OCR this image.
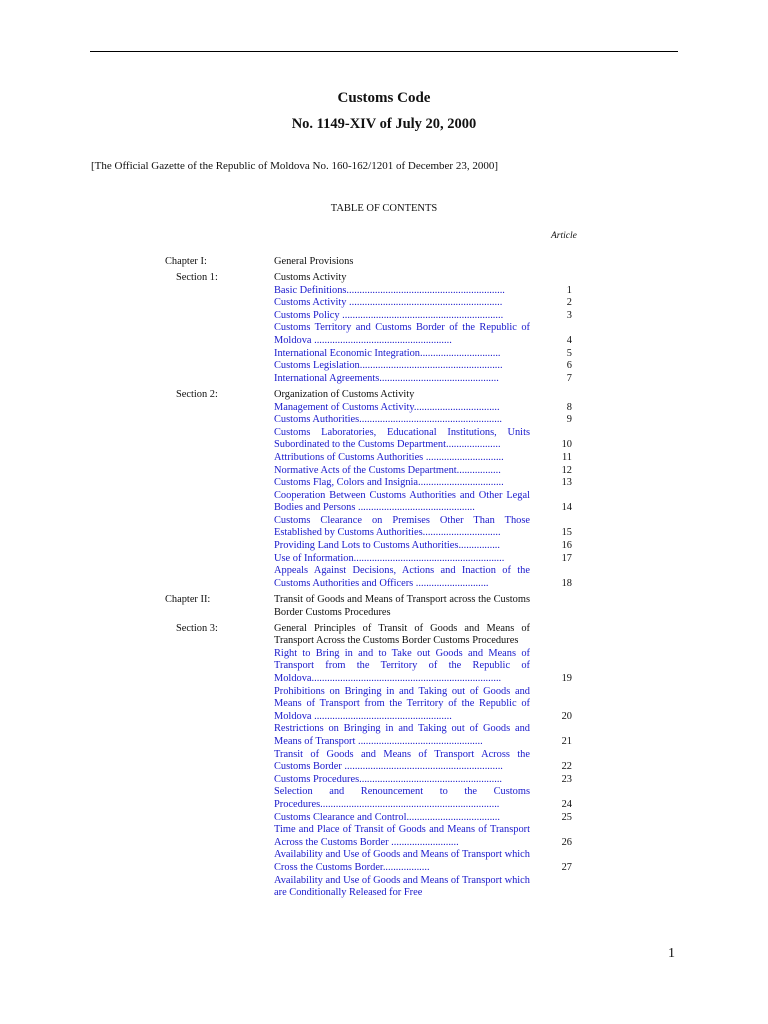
Customs Code
No. 1149-XIV of July 20, 2000
[The Official Gazette of the Republic of Moldova No. 160-162/1201 of December 23, 2000]
TABLE OF CONTENTS
Article
Chapter I:	General Provisions
Section 1:	Customs Activity
Basic Definitions.............................................................	1
Customs Activity ...........................................................	2
Customs Policy ..............................................................	3
Customs Territory and Customs Border of the Republic of Moldova .....................................................	4
International Economic Integration...............................	5
Customs Legislation.......................................................	6
International Agreements..............................................	7
Section 2:	Organization of Customs Activity
Management of Customs Activity.................................	8
Customs Authorities.......................................................	9
Customs Laboratories, Educational Institutions, Units Subordinated to the Customs Department.....................	10
Attributions of Customs Authorities ..............................	11
Normative Acts of the Customs Department.................	12
Customs Flag, Colors and Insignia.................................	13
Cooperation Between Customs Authorities and Other Legal Bodies and Persons .............................................	14
Customs Clearance on Premises Other Than Those Established by Customs Authorities..............................	15
Providing Land Lots to Customs Authorities................	16
Use of Information..........................................................	17
Appeals Against Decisions, Actions and Inaction of the Customs Authorities and Officers ............................	18
Chapter II:	Transit of Goods and Means of Transport across the Customs Border Customs Procedures
Section 3:	General Principles of Transit of Goods and Means of Transport Across the Customs Border Customs Procedures
Right to Bring in and to Take out Goods and Means of Transport from the Territory of the Republic of Moldova.........................................................................	19
Prohibitions on Bringing in and Taking out of Goods and Means of Transport from the Territory of the Republic of Moldova .....................................................	20
Restrictions on Bringing in and Taking out of Goods and Means of Transport ................................................	21
Transit of Goods and Means of Transport Across the Customs Border .............................................................	22
Customs Procedures.......................................................	23
Selection and Renouncement to the Customs Procedures.....................................................................	24
Customs Clearance and Control....................................	25
Time and Place of Transit of Goods and Means of Transport Across the Customs Border ..........................	26
Availability and Use of Goods and Means of Transport which Cross the Customs Border..................	27
Availability and Use of Goods and Means of Transport which are Conditionally Released for Free
1
